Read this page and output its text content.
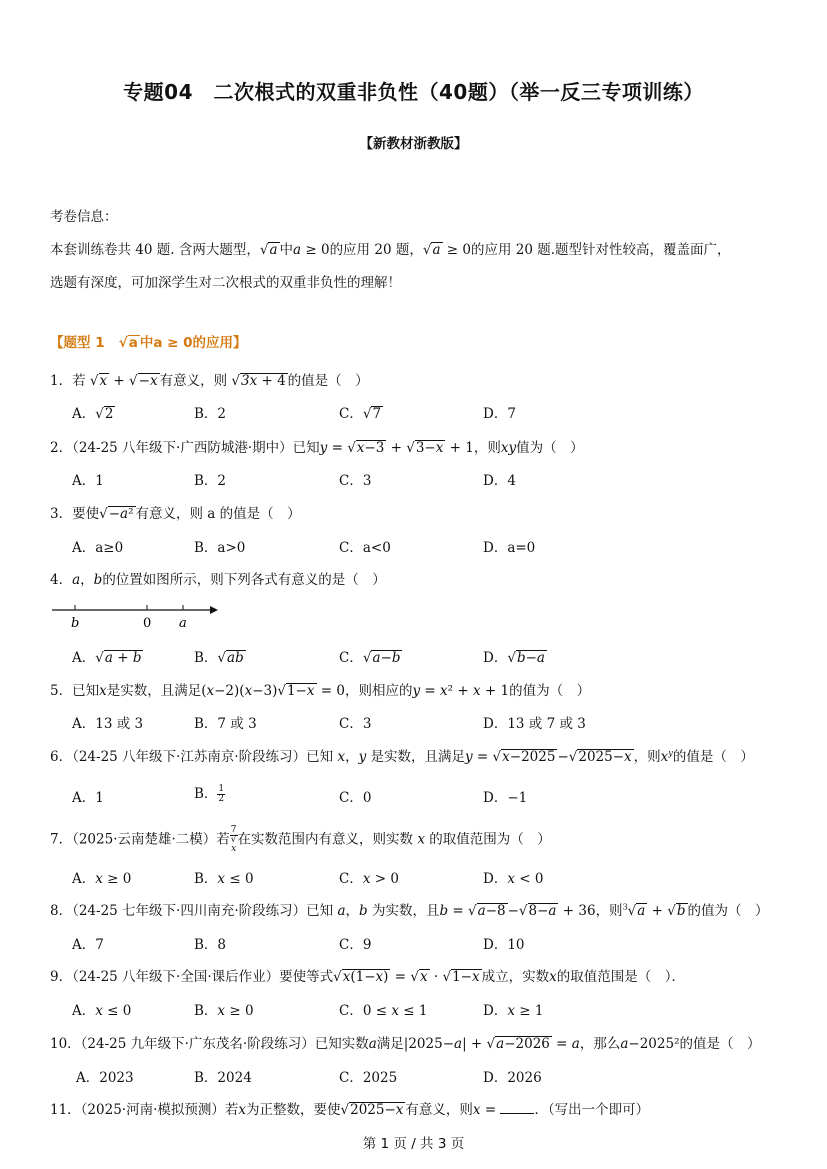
专题04　二次根式的双重非负性（40题）（举一反三专项训练）
【新教材浙教版】
考卷信息：
本套训练卷共 40 题. 含两大题型，√a 中a ≥ 0的应用 20 题，√a ≥ 0的应用 20 题.题型针对性较高，覆盖面广，
选题有深度，可加深学生对二次根式的双重非负性的理解！
【题型 1 √a 中a ≥ 0的应用】
1．若 √x + √−x 有意义，则 √3x + 4 的值是（　）
A．√2	B．2	C．√7	D．7
2．（24-25 八年级下·广西防城港·期中）已知y = √x−3 + √3−x + 1，则xy值为（　）
A．1	B．2	C．3	D．4
3．要使√−a² 有意义，则 a 的值是（　）
A．a≥0	B．a>0	C．a<0	D．a=0
4．a，b的位置如图所示，则下列各式有意义的是（　）
b	0 a
A．√a + b	B．√ab	C．√a−b	D．√b−a
5．已知x是实数，且满足(x−2)(x−3)√1−x = 0，则相应的y = x² + x + 1的值为（　）
A．13 或 3	B．7 或 3	C．3	D．13 或 7 或 3
6．（24-25 八年级下·江苏南京·阶段练习）已知 x，y 是实数，且满足y = √x−2025 −√2025−x ，则$x^y$的值是（　）
A．1	B． $\frac{1}{2}$	C．0	D．−1
7．（2025·云南楚雄·二模）若 7
√
x 在实数范围内有意义，则实数 x 的取值范围为（　）
A．x ≥ 0	B．x ≤ 0	C．x > 0	D．x < 0
8．（24-25 七年级下·四川南充·阶段练习）已知 a，b 为实数，且b = √a−8 −√8−a + 36，则$^3$√a + √b 的值为（　）
A．7	B．8	C．9	D．10
9．（24-25 八年级下·全国·课后作业）要使等式√x(1−x) = √x · √1−x 成立，实数x的取值范围是（　）．
A．x ≤ 0	B．x ≥ 0	C．0 ≤ x ≤ 1	D．x ≥ 1
10．（24-25 九年级下·广东茂名·阶段练习）已知实数a满足|2025−a| + √a−2026 = a，那么a−2025²的值是（　）
A．2023	B．2024	C．2025	D．2026
11．（2025·河南·模拟预测）若x为正整数，要使√2025−x 有意义，则x =	．（写出一个即可）
第 1 页 / 共 3 页
